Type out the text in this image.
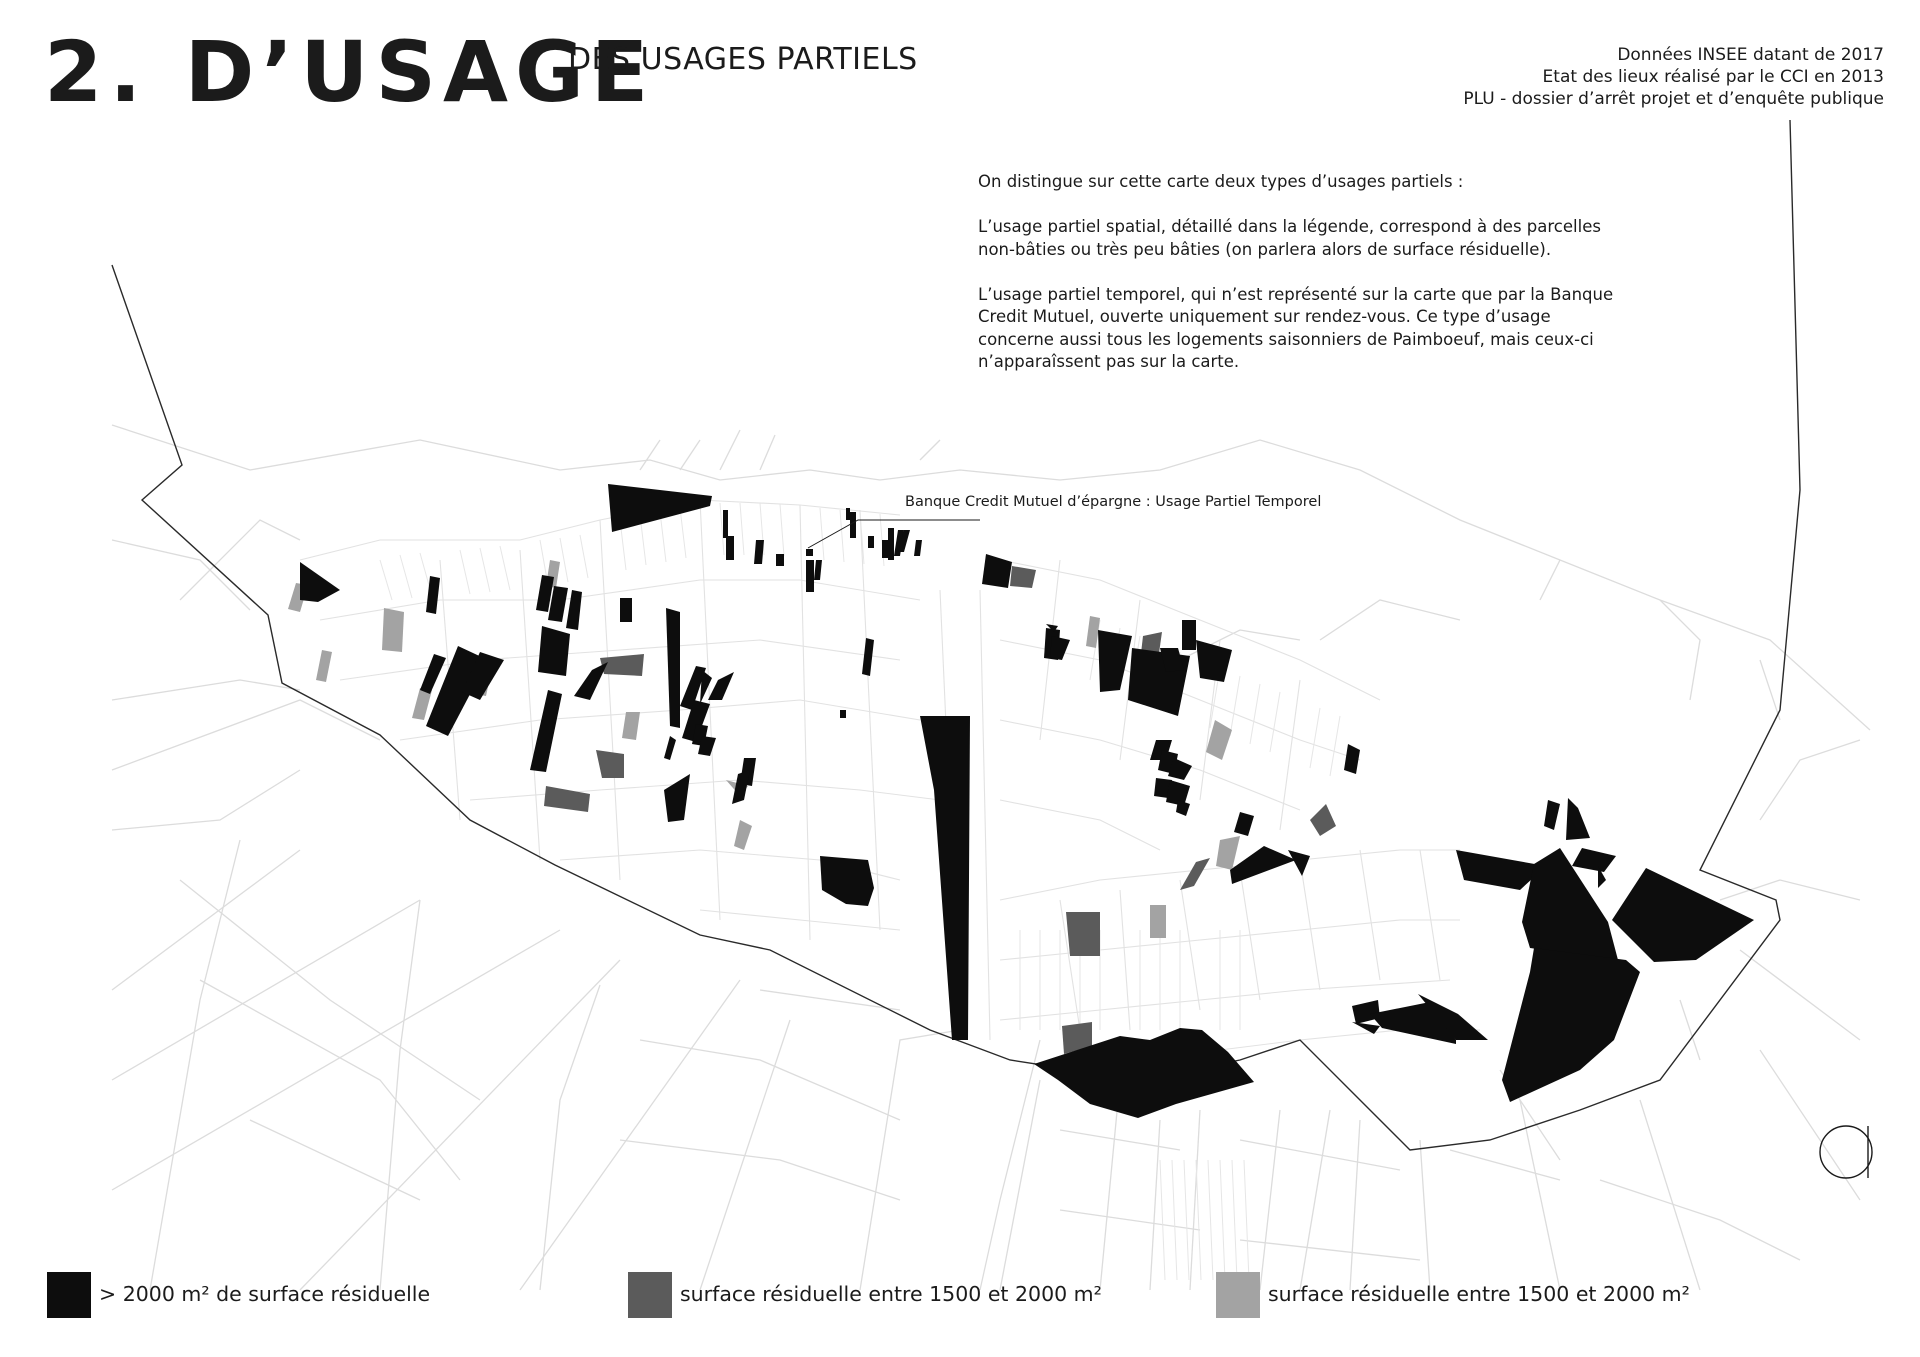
2. D’USAGE
DES USAGES PARTIELS	Données INSEE datant de 2017
Etat des lieux réalisé par le CCI en 2013
PLU - dossier d’arrêt projet et d’enquête publique

On distingue sur cette carte deux types d’usages partiels :

L’usage partiel spatial, détaillé dans la légende, correspond à des parcelles non-bâties ou très peu bâties (on parlera alors de surface résiduelle).

L’usage partiel temporel, qui n’est représenté sur la carte que par la Banque Credit Mutuel, ouverte uniquement sur rendez-vous. Ce type d’usage concerne aussi tous les logements saisonniers de Paimboeuf, mais ceux-ci n’apparaîssent pas sur la carte.

Banque Credit Mutuel d’épargne : Usage Partiel Temporel
> 2000 m² de surface résiduelle	surface résiduelle entre 1500 et 2000 m²	surface résiduelle entre 1500 et 2000 m²
